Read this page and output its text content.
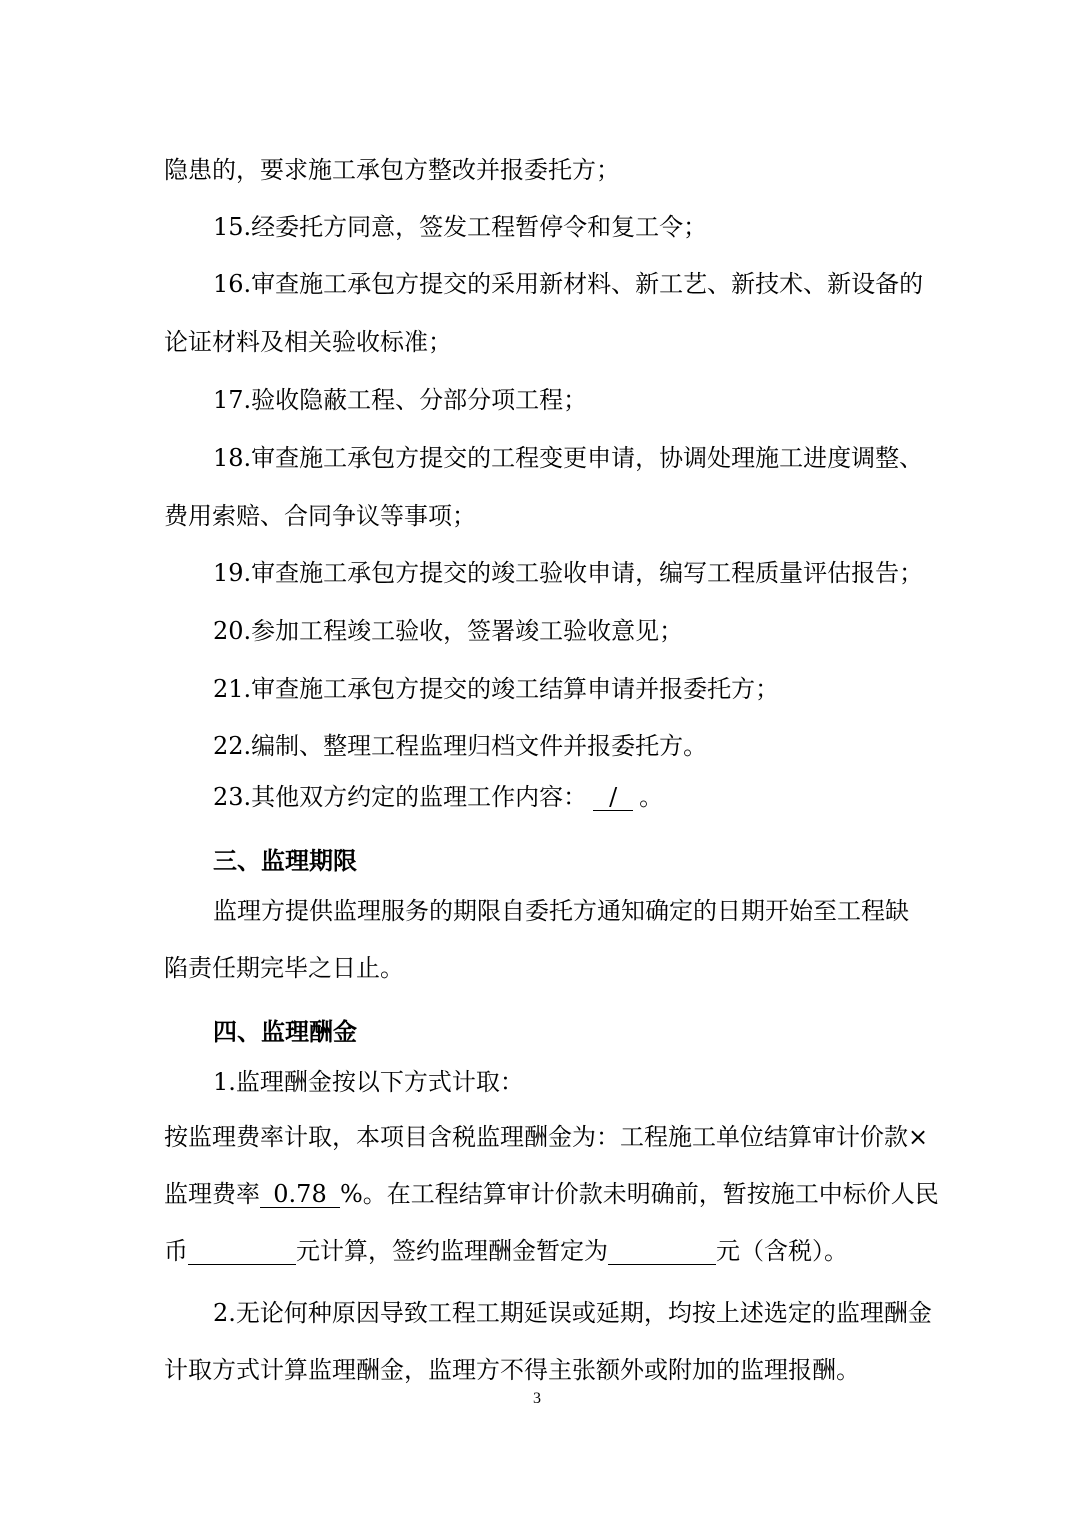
隐患的，要求施工承包方整改并报委托方；
15.经委托方同意，签发工程暂停令和复工令；
16.审查施工承包方提交的采用新材料、新工艺、新技术、新设备的
论证材料及相关验收标准；
17.验收隐蔽工程、分部分项工程；
18.审查施工承包方提交的工程变更申请，协调处理施工进度调整、
费用索赔、合同争议等事项；
19.审查施工承包方提交的竣工验收申请，编写工程质量评估报告；
20.参加工程竣工验收，签署竣工验收意见；
21.审查施工承包方提交的竣工结算申请并报委托方；
22.编制、整理工程监理归档文件并报委托方。
23.其他双方约定的监理工作内容： / 。
三、监理期限
监理方提供监理服务的期限自委托方通知确定的日期开始至工程缺
陷责任期完毕之日止。
四、监理酬金
1.监理酬金按以下方式计取：
按监理费率计取，本项目含税监理酬金为：工程施工单位结算审计价款×
监理费率 0.78 %。在工程结算审计价款未明确前，暂按施工中标价人民
币	元计算，签约监理酬金暂定为	元（含税）。
2.无论何种原因导致工程工期延误或延期，均按上述选定的监理酬金
计取方式计算监理酬金，监理方不得主张额外或附加的监理报酬。
3
